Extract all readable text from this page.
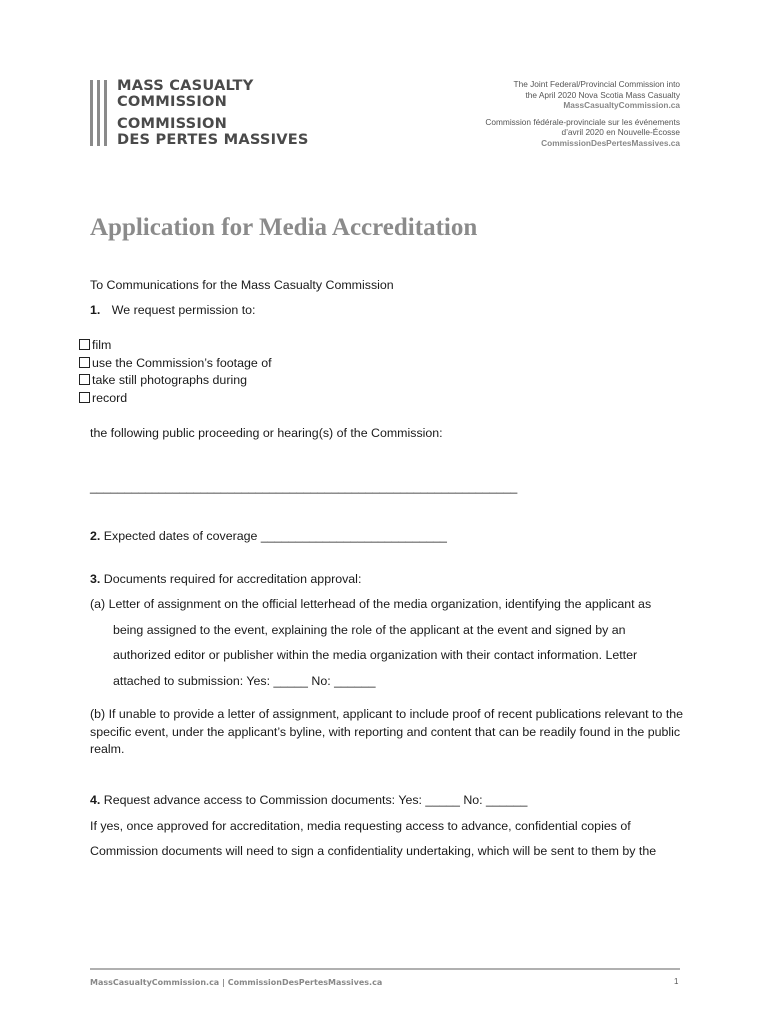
MASS CASUALTY
COMMISSION
COMMISSION
DES PERTES MASSIVES
The Joint Federal/Provincial Commission into
the April 2020 Nova Scotia Mass Casualty
MassCasualtyCommission.ca
Commission fédérale-provinciale sur les événements
d’avril 2020 en Nouvelle-Écosse
CommissionDesPertesMassives.ca
Application for Media Accreditation
To Communications for the Mass Casualty Commission
1. We request permission to:
film
use the Commission’s footage of
take still photographs during
record
the following public proceeding or hearing(s) of the Commission:
______________________________________________________________
2. Expected dates of coverage ___________________________
3. Documents required for accreditation approval:
(a) Letter of assignment on the official letterhead of the media organization, identifying the applicant as
being assigned to the event, explaining the role of the applicant at the event and signed by an
authorized editor or publisher within the media organization with their contact information. Letter
attached to submission: Yes: _____ No: ______
(b) If unable to provide a letter of assignment, applicant to include proof of recent publications relevant to the specific event, under the applicant’s byline, with reporting and content that can be readily found in the public realm.
4. Request advance access to Commission documents: Yes: _____ No: ______
If yes, once approved for accreditation, media requesting access to advance, confidential copies of
Commission documents will need to sign a confidentiality undertaking, which will be sent to them by the
MassCasualtyCommission.ca | CommissionDesPertesMassives.ca	1
